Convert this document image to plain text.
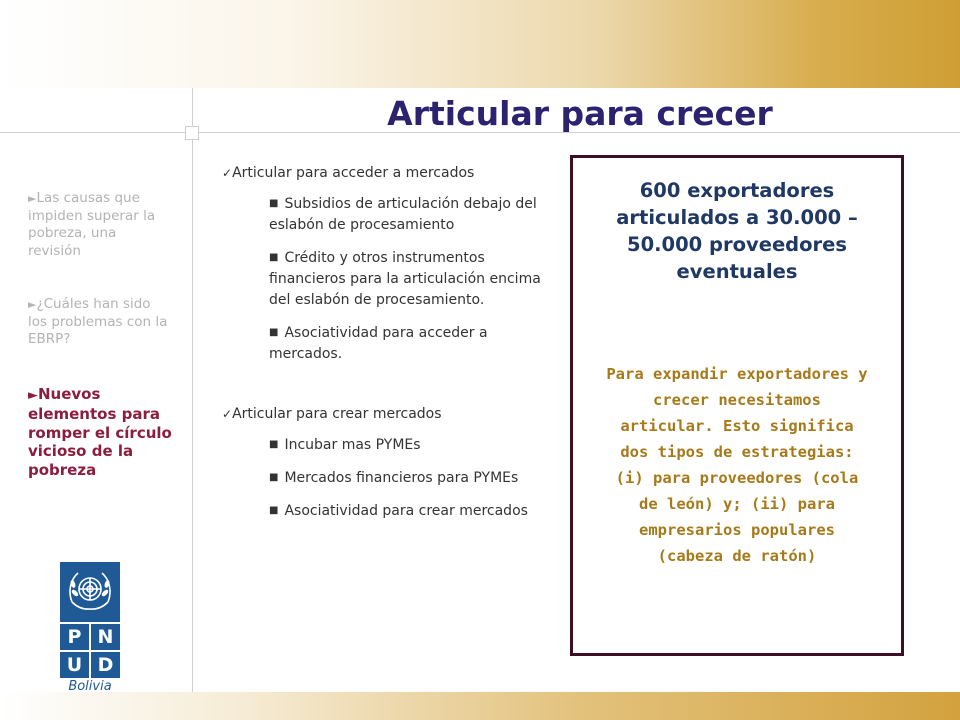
Articular para crecer
►Las causas que impiden superar la pobreza, una revisión
►¿Cuáles han sido los problemas con la EBRP?
►Nuevos elementos para romper el círculo vicioso de la pobreza
P N
U D
Bolivia

✓Articular para acceder a mercados

■ Subsidios de articulación debajo del eslabón de procesamiento

■ Crédito y otros instrumentos financieros para la articulación encima del eslabón de procesamiento.

■ Asociatividad para acceder a mercados.

✓Articular para crear mercados

■ Incubar mas PYMEs

■ Mercados financieros para PYMEs

■ Asociatividad para crear mercados

600 exportadores articulados a 30.000 – 50.000 proveedores eventuales
Para expandir exportadores y crecer necesitamos articular. Esto significa dos tipos de estrategias: (i) para proveedores (cola de león) y; (ii) para empresarios populares (cabeza de ratón)
